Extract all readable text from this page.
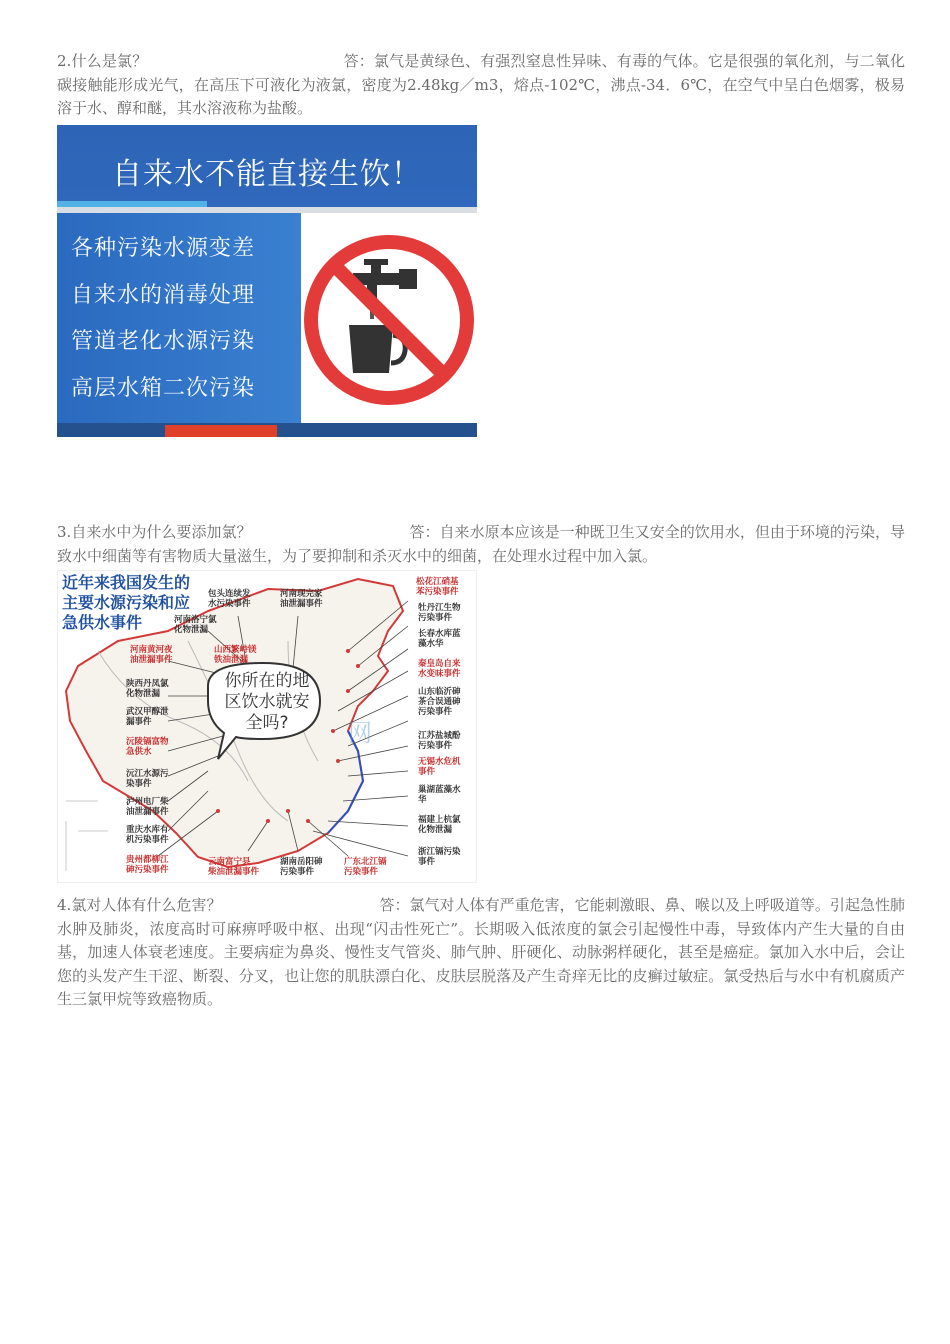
2.什么是氯？	答：氯气是黄绿色、有强烈窒息性异味、有毒的气体。它是很强的氧化剂，与二氧化碳接触能形成光气，在高压下可液化为液氯，密度为2.48kg／m3，熔点-102℃，沸点-34．6℃，在空气中呈白色烟雾，极易溶于水、醇和醚，其水溶液称为盐酸。

自来水不能直接生饮！
各种污染水源变差
自来水的消毒处理
管道老化水源污染
高层水箱二次污染

3.自来水中为什么要添加氯？	答：自来水原本应该是一种既卫生又安全的饮用水，但由于环境的污染，导致水中细菌等有害物质大量滋生，为了要抑制和杀灭水中的细菌，在处理水过程中加入氯。

近年来我国发生的
主要水源污染和应
急供水事件
你所在的地
区饮水就安
全吗?	网
包头连续发
水污染事件
河南现完家
油泄漏事件
松花江硝基
苯污染事件
河南洛宁氯
化物泄漏
牡丹江生物
污染事件
长春水库蓝
藻水华
河南黄河夜
油泄漏事件
山西繁峙镁
铁油泄漏	秦皇岛自来
水变味事件
陕西丹凤氯
化物泄漏	山东临沂砷
茶合误通砷
污染事件
武汉甲醇泄
漏事件
江苏盐城酚
污染事件
沅陵镉富物
急供水
无锡水危机
事件
沅江水源污
染事件
巢湖蓝藻水
华
泸州电厂柴
油泄漏事件
福建上杭氯
化物泄漏
重庆水库有
机污染事件
浙江镉污染
事件
贵州都柳江
砷污染事件
云南富宁县
柴油泄漏事件
湖南岳阳砷
污染事件
广东北江镉
污染事件

4.氯对人体有什么危害？	答：氯气对人体有严重危害，它能刺激眼、鼻、喉以及上呼吸道等。引起急性肺水肿及肺炎，浓度高时可麻痹呼吸中枢、出现“闪击性死亡”。长期吸入低浓度的氯会引起慢性中毒，导致体内产生大量的自由基，加速人体衰老速度。主要病症为鼻炎、慢性支气管炎、肺气肿、肝硬化、动脉粥样硬化，甚至是癌症。氯加入水中后，会让您的头发产生干涩、断裂、分叉，也让您的肌肤漂白化、皮肤层脱落及产生奇痒无比的皮癣过敏症。氯受热后与水中有机腐质产生三氯甲烷等致癌物质。
